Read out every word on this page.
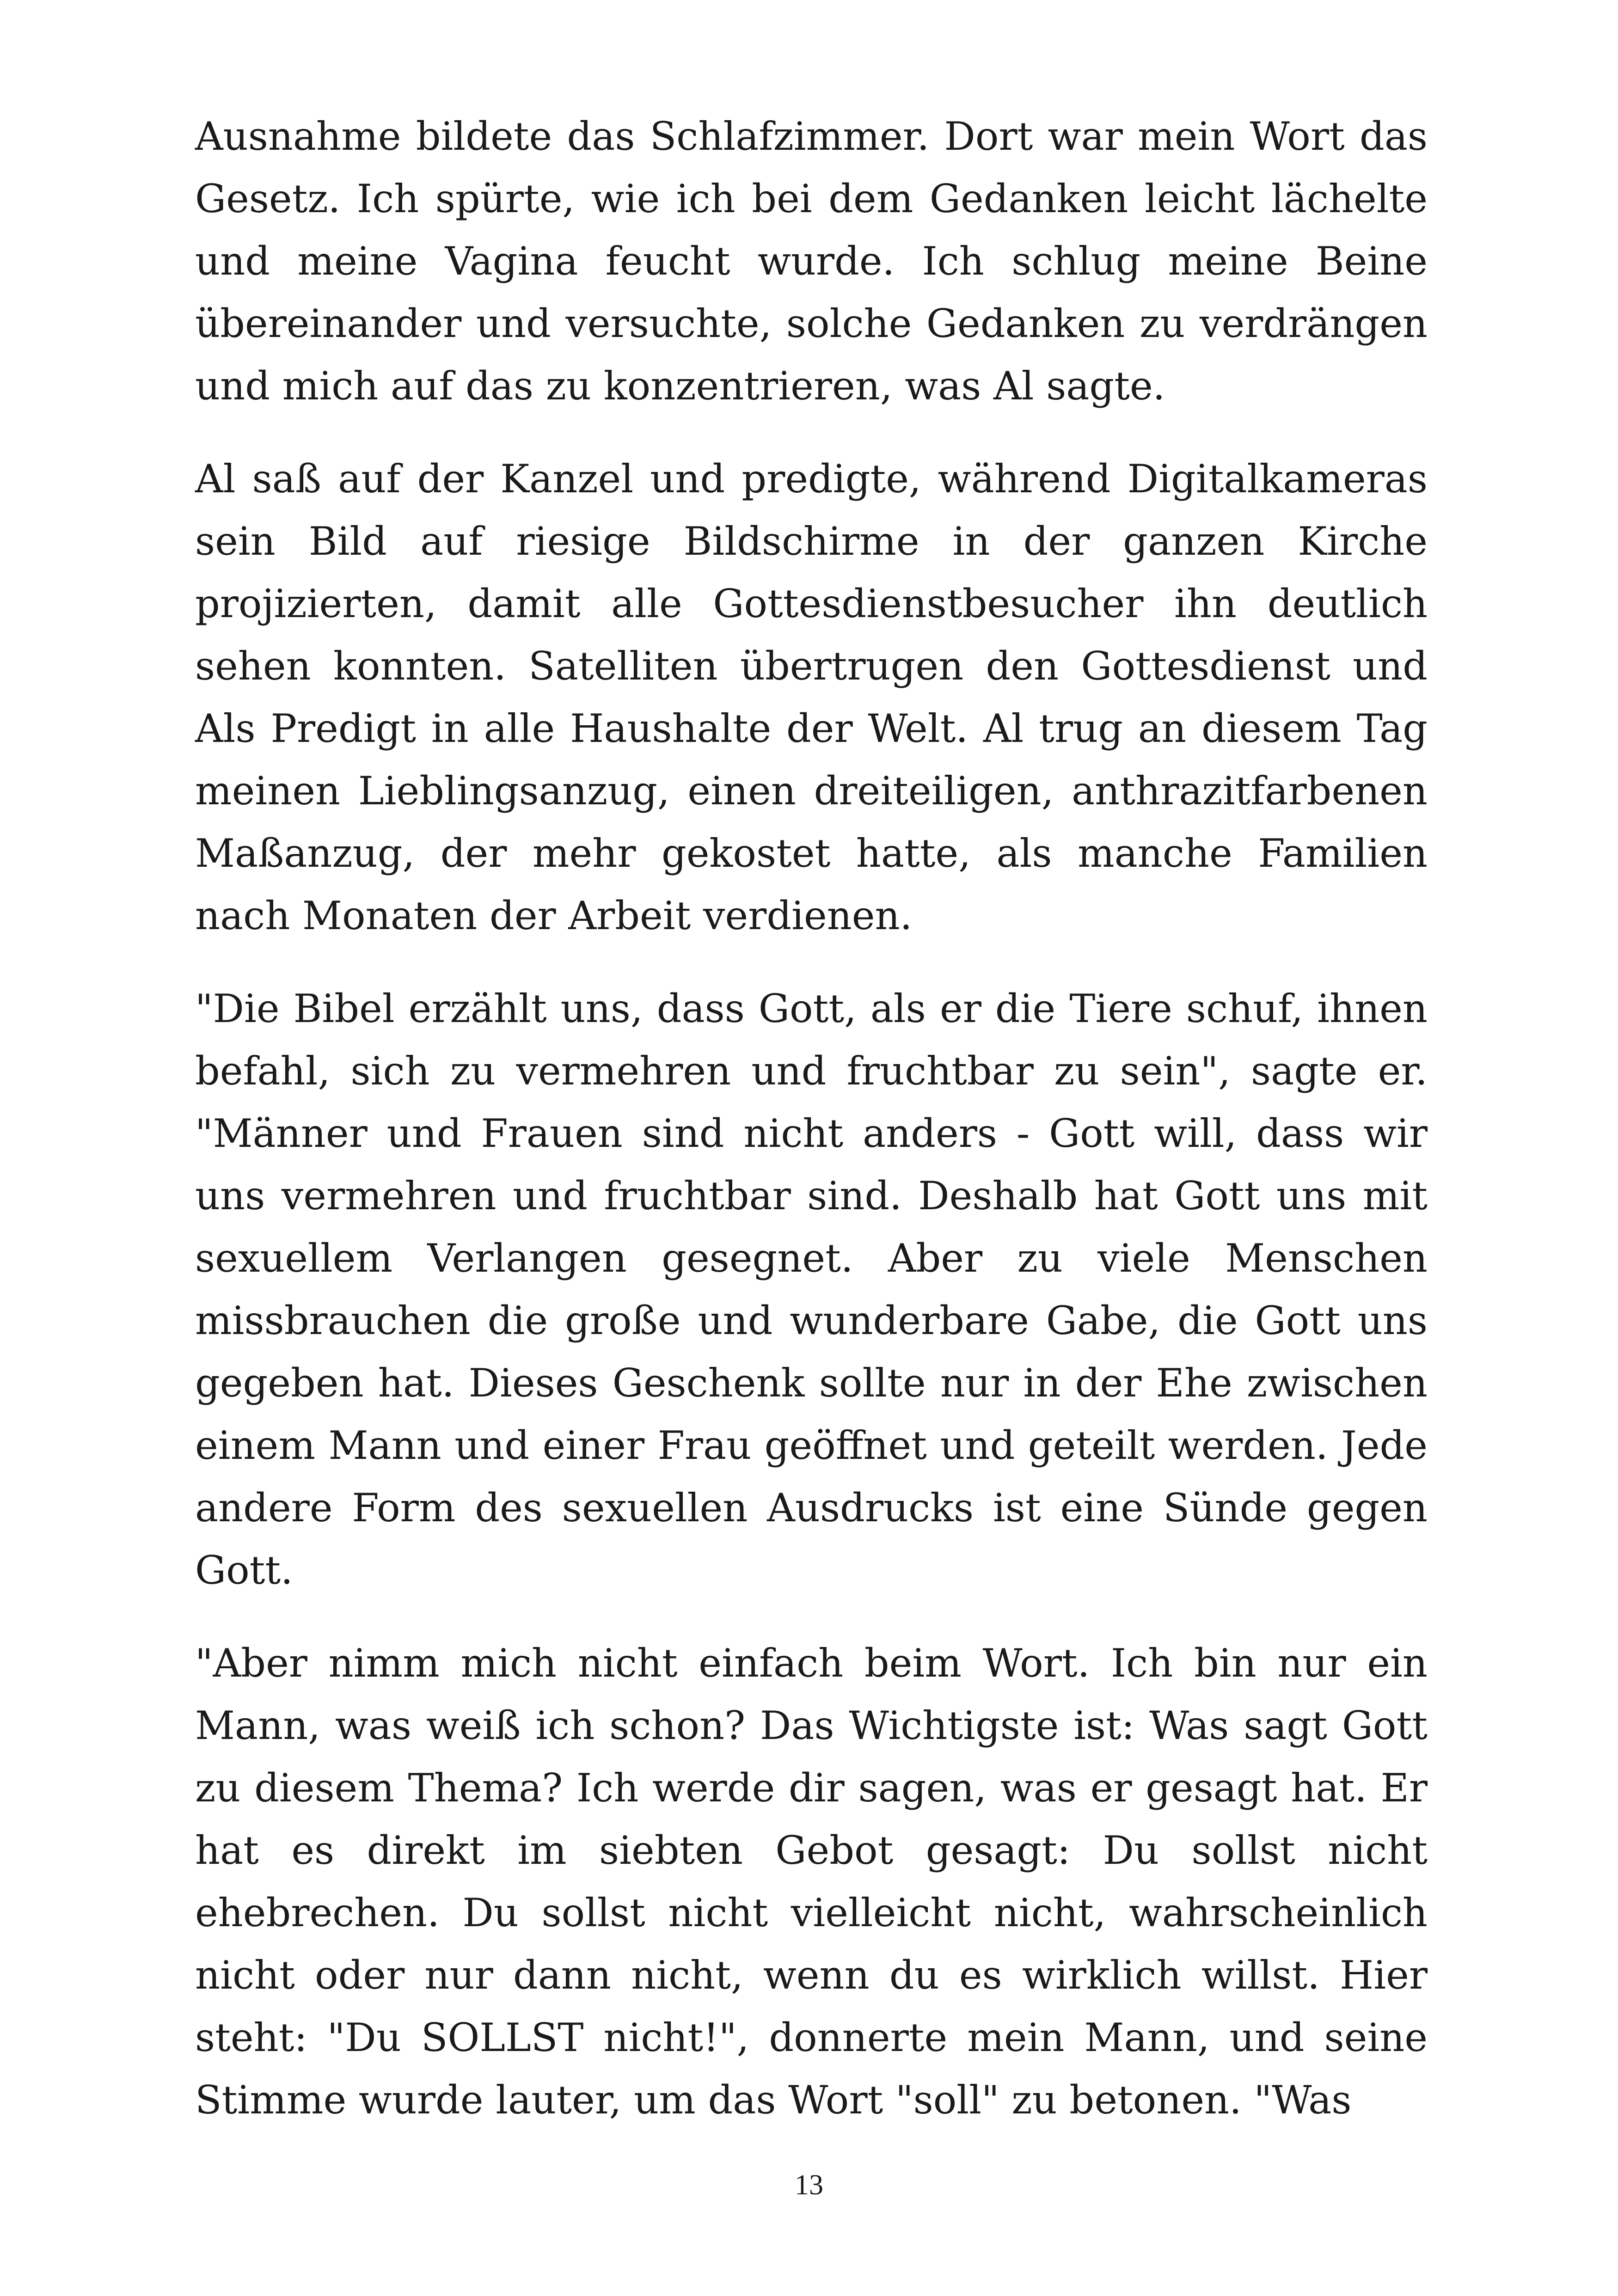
Ausnahme bildete das Schlafzimmer. Dort war mein Wort das Gesetz. Ich spürte, wie ich bei dem Gedanken leicht lächelte und meine Vagina feucht wurde. Ich schlug meine Beine übereinander und versuchte, solche Gedanken zu verdrängen und mich auf das zu konzentrieren, was Al sagte.

Al saß auf der Kanzel und predigte, während Digitalkameras sein Bild auf riesige Bildschirme in der ganzen Kirche projizierten, damit alle Gottesdienstbesucher ihn deutlich sehen konnten. Satelliten übertrugen den Gottesdienst und Als Predigt in alle Haushalte der Welt. Al trug an diesem Tag meinen Lieblingsanzug, einen dreiteiligen, anthrazitfarbenen Maßanzug, der mehr gekostet hatte, als manche Familien nach Monaten der Arbeit verdienen.

"Die Bibel erzählt uns, dass Gott, als er die Tiere schuf, ihnen befahl, sich zu vermehren und fruchtbar zu sein", sagte er. "Männer und Frauen sind nicht anders - Gott will, dass wir uns vermehren und fruchtbar sind. Deshalb hat Gott uns mit sexuellem Verlangen gesegnet. Aber zu viele Menschen missbrauchen die große und wunderbare Gabe, die Gott uns gegeben hat. Dieses Geschenk sollte nur in der Ehe zwischen einem Mann und einer Frau geöffnet und geteilt werden. Jede andere Form des sexuellen Ausdrucks ist eine Sünde gegen Gott.

"Aber nimm mich nicht einfach beim Wort. Ich bin nur ein Mann, was weiß ich schon? Das Wichtigste ist: Was sagt Gott zu diesem Thema? Ich werde dir sagen, was er gesagt hat. Er hat es direkt im siebten Gebot gesagt: Du sollst nicht ehebrechen. Du sollst nicht vielleicht nicht, wahrscheinlich nicht oder nur dann nicht, wenn du es wirklich willst. Hier steht: "Du SOLLST nicht!", donnerte mein Mann, und seine Stimme wurde lauter, um das Wort "soll" zu betonen. "Was

13
